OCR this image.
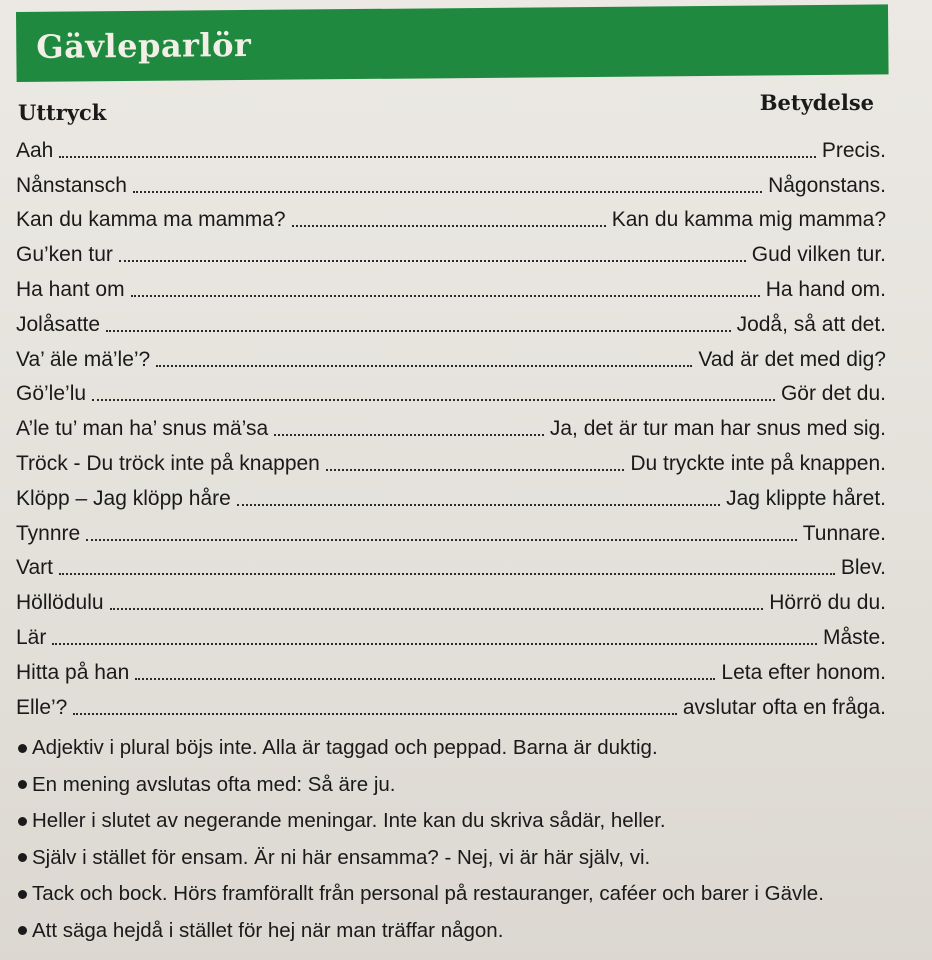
Gävleparlör
Uttryck	Betydelse
Aah	Precis.
Nånstansch	Någonstans.
Kan du kamma ma mamma?	Kan du kamma mig mamma?
Gu’ken tur	Gud vilken tur.
Ha hant om	Ha hand om.
Jolåsatte	Jodå, så att det.
Va’ äle mä’le’?	Vad är det med dig?
Gö’le’lu	Gör det du.
A’le tu’ man ha’ snus mä’sa	Ja, det är tur man har snus med sig.
Tröck - Du tröck inte på knappen	Du tryckte inte på knappen.
Klöpp – Jag klöpp håre	Jag klippte håret.
Tynnre	Tunnare.
Vart	Blev.
Höllödulu	Hörrö du du.
Lär	Måste.
Hitta på han	Leta efter honom.
Elle’?	avslutar ofta en fråga.
Adjektiv i plural böjs inte. Alla är taggad och peppad. Barna är duktig.
En mening avslutas ofta med: Så äre ju.
Heller i slutet av negerande meningar. Inte kan du skriva sådär, heller.
Själv i stället för ensam. Är ni här ensamma? - Nej, vi är här själv, vi.
Tack och bock. Hörs framförallt från personal på restauranger, caféer och barer i Gävle.
Att säga hejdå i stället för hej när man träffar någon.
